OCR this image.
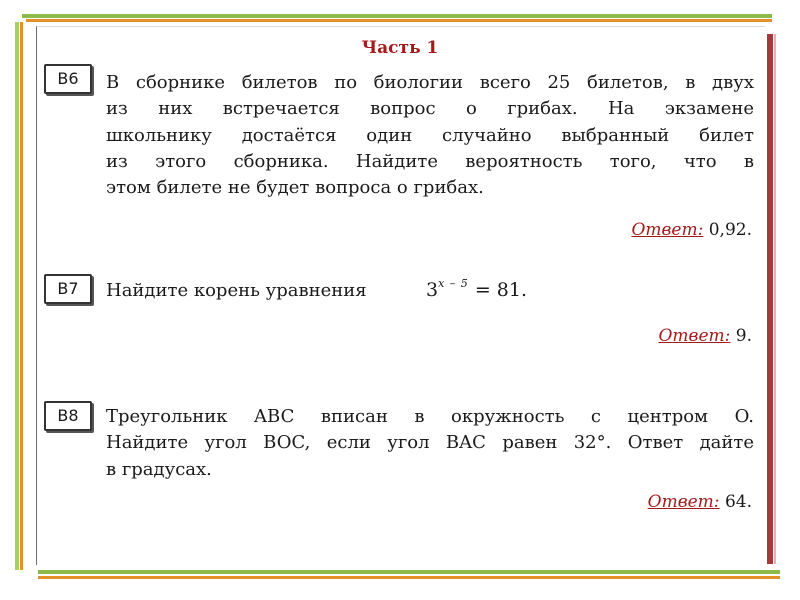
Часть 1
B6	В сборнике билетов по биологии всего 25 билетов, в двух
из них встречается вопрос о грибах. На экзамене
школьнику достаётся один случайно выбранный билет
из этого сборника. Найдите вероятность того, что в
этом билете не будет вопроса о грибах.
Ответ: 0,92.
B7	Найдите корень уравнения	$3^{x - 5} = 81$.
Ответ: 9.
B8	Треугольник ABC вписан в окружность с центром O.
Найдите угол BOC, если угол BAC равен 32°. Ответ дайте
в градусах.
Ответ: 64.
